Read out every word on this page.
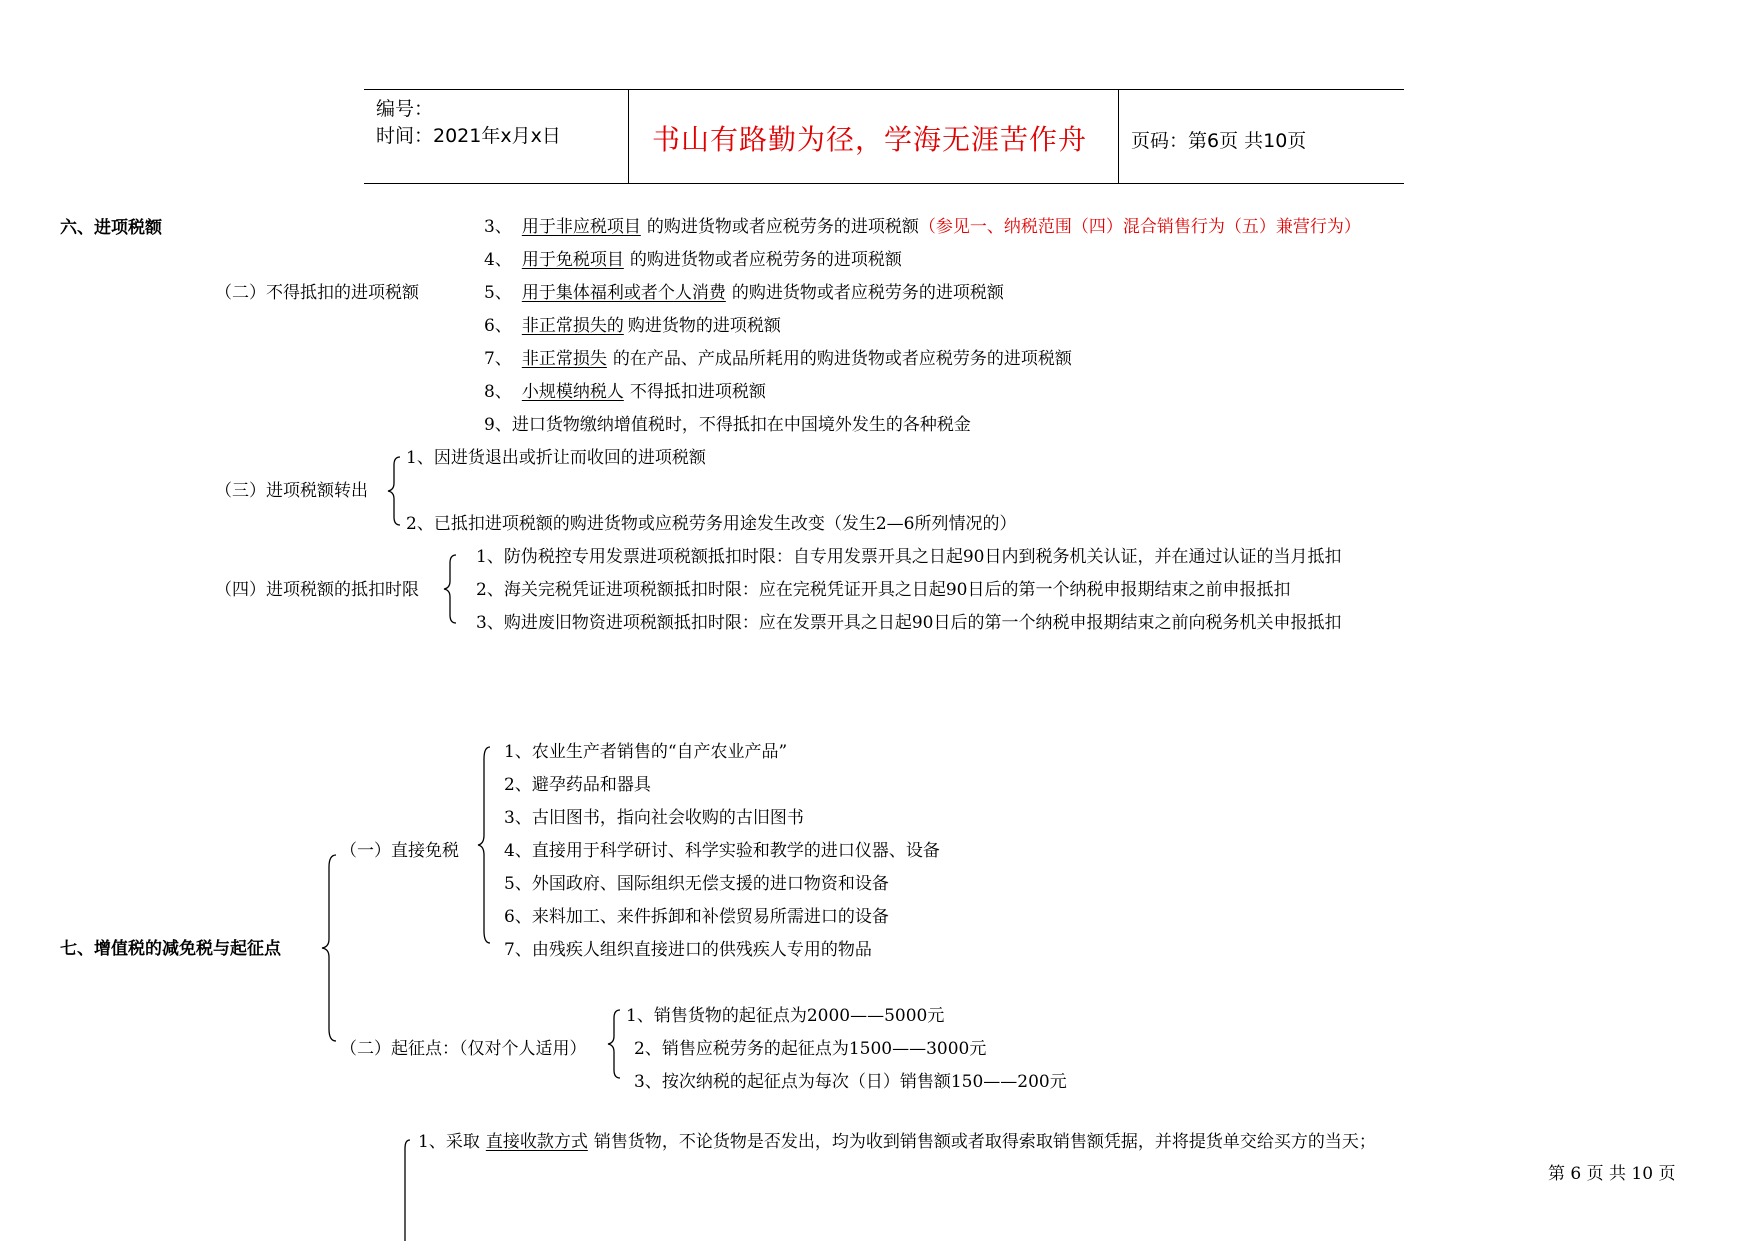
编号：
时间：2021年x月x日	书山有路勤为径，学海无涯苦作舟 页码：第6页 共10页
六、进项税额
（二）不得抵扣的进项税额
3、 用于非应税项目 的购进货物或者应税劳务的进项税额（参见一、纳税范围（四）混合销售行为（五）兼营行为）
4、 用于免税项目 的购进货物或者应税劳务的进项税额
5、 用于集体福利或者个人消费 的购进货物或者应税劳务的进项税额
6、 非正常损失的 购进货物的进项税额
7、 非正常损失 的在产品、产成品所耗用的购进货物或者应税劳务的进项税额
8、 小规模纳税人 不得抵扣进项税额
9、进口货物缴纳增值税时，不得抵扣在中国境外发生的各种税金
（三）进项税额转出
1、因进货退出或折让而收回的进项税额
2、已抵扣进项税额的购进货物或应税劳务用途发生改变（发生2—6所列情况的）
（四）进项税额的抵扣时限
1、防伪税控专用发票进项税额抵扣时限：自专用发票开具之日起90日内到税务机关认证，并在通过认证的当月抵扣
2、海关完税凭证进项税额抵扣时限：应在完税凭证开具之日起90日后的第一个纳税申报期结束之前申报抵扣
3、购进废旧物资进项税额抵扣时限：应在发票开具之日起90日后的第一个纳税申报期结束之前向税务机关申报抵扣
七、增值税的减免税与起征点
（一）直接免税
1、农业生产者销售的“自产农业产品”
2、避孕药品和器具
3、古旧图书，指向社会收购的古旧图书
4、直接用于科学研讨、科学实验和教学的进口仪器、设备
5、外国政府、国际组织无偿支援的进口物资和设备
6、来料加工、来件拆卸和补偿贸易所需进口的设备
7、由残疾人组织直接进口的供残疾人专用的物品
（二）起征点：（仅对个人适用）
1、销售货物的起征点为2000——5000元
2、销售应税劳务的起征点为1500——3000元
3、按次纳税的起征点为每次（日）销售额150——200元
1、采取 直接收款方式 销售货物，不论货物是否发出，均为收到销售额或者取得索取销售额凭据，并将提货单交给买方的当天；
第 6 页 共 10 页
